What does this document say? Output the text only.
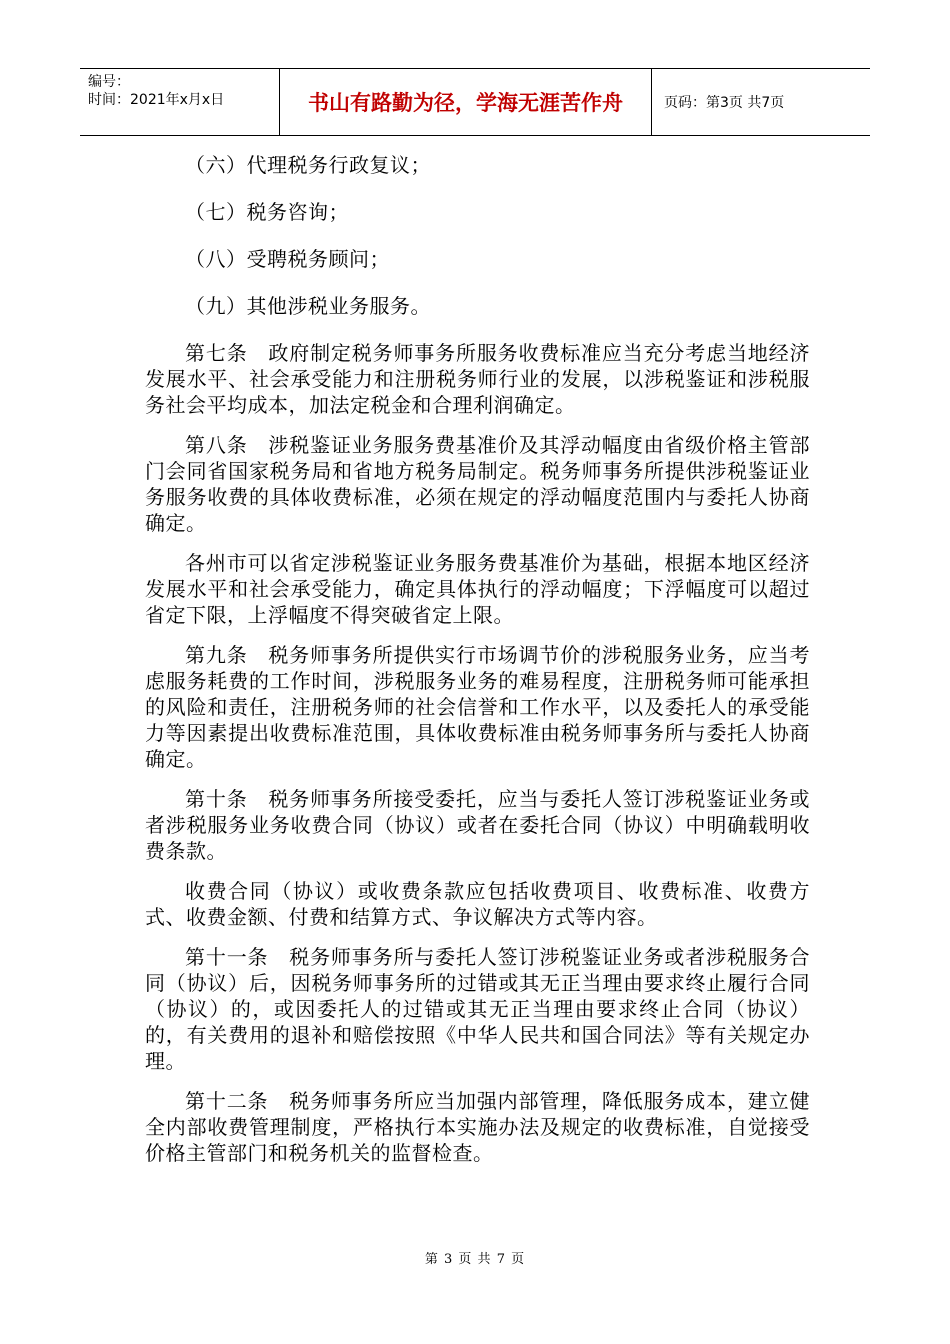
编号：
时间：2021年x月x日	书山有路勤为径，学海无涯苦作舟	页码：第3页 共7页

（六）代理税务行政复议；

（七）税务咨询；

（八）受聘税务顾问；

（九）其他涉税业务服务。

第七条　政府制定税务师事务所服务收费标准应当充分考虑当地经济发展水平、社会承受能力和注册税务师行业的发展，以涉税鉴证和涉税服务社会平均成本，加法定税金和合理利润确定。

第八条　涉税鉴证业务服务费基准价及其浮动幅度由省级价格主管部门会同省国家税务局和省地方税务局制定。税务师事务所提供涉税鉴证业务服务收费的具体收费标准，必须在规定的浮动幅度范围内与委托人协商确定。

各州市可以省定涉税鉴证业务服务费基准价为基础，根据本地区经济发展水平和社会承受能力，确定具体执行的浮动幅度；下浮幅度可以超过省定下限，上浮幅度不得突破省定上限。

第九条　税务师事务所提供实行市场调节价的涉税服务业务，应当考虑服务耗费的工作时间，涉税服务业务的难易程度，注册税务师可能承担的风险和责任，注册税务师的社会信誉和工作水平，以及委托人的承受能力等因素提出收费标准范围，具体收费标准由税务师事务所与委托人协商确定。

第十条　税务师事务所接受委托，应当与委托人签订涉税鉴证业务或者涉税服务业务收费合同（协议）或者在委托合同（协议）中明确载明收费条款。

收费合同（协议）或收费条款应包括收费项目、收费标准、收费方式、收费金额、付费和结算方式、争议解决方式等内容。

第十一条　税务师事务所与委托人签订涉税鉴证业务或者涉税服务合同（协议）后，因税务师事务所的过错或其无正当理由要求终止履行合同（协议）的，或因委托人的过错或其无正当理由要求终止合同（协议）的，有关费用的退补和赔偿按照《中华人民共和国合同法》等有关规定办理。

第十二条　税务师事务所应当加强内部管理，降低服务成本，建立健全内部收费管理制度，严格执行本实施办法及规定的收费标准，自觉接受价格主管部门和税务机关的监督检查。

第 3 页 共 7 页
